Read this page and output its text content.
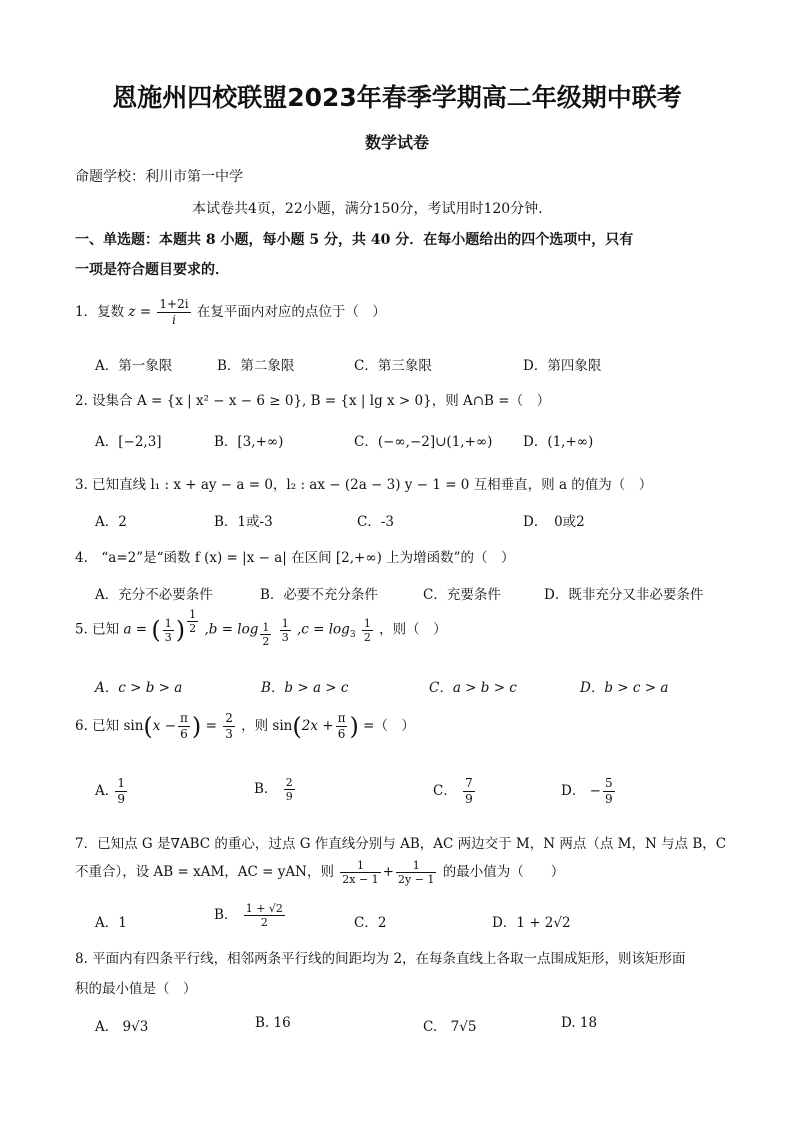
恩施州四校联盟2023年春季学期高二年级期中联考
数学试卷
命题学校：利川市第一中学
本试卷共4页，22小题，满分150分，考试用时120分钟.
一、单选题：本题共 8 小题，每小题 5 分，共 40 分．在每小题给出的四个选项中，只有
一项是符合题目要求的．
1．复数 $z = \frac{1+2i}{i}$ 在复平面内对应的点位于（　）
A．第一象限	B．第二象限	C．第三象限	D．第四象限
2. 设集合 A = {x | x² − x − 6 ≥ 0}, B = {x | lg x > 0}，则 A∩B =（　）
A．[−2,3]	B．[3,+∞)	C．(−∞,−2]∪(1,+∞) D．(1,+∞)
3. 已知直线 l₁ : x + ay − a = 0，l₂ : ax − (2a − 3) y − 1 = 0 互相垂直，则 a 的值为（　）
A．2	B．1或-3	C．-3	D．　0或2
4.　“a=2”是“函数 f (x) = |x − a| 在区间 [2,+∞) 上为增函数”的（　）
A．充分不必要条件	B．必要不充分条件	C．充要条件	D．既非充分又非必要条件
5. 已知 a = ( $\frac{1}{3}$ ) $\frac{1}{2} ,b = \log _{\frac{1}{2}}$
$\frac{1}{3} ,c = \log_3 \frac{1}{2}$ ，则（　）
A．c > b > a	B．b > a > c	C．a > b > c	D．b > c > a
6. 已知 $\sin(x - \frac{\pi}{6}$ ) = $\frac{2}{3}$ ，则 $\sin(2x + \frac{\pi}{6}$ ) =（　）
A. $\frac{1}{9}$	B． $\frac{2}{9}$	C． $\frac{7}{9}$	D． − $\frac{5}{9}$
7．已知点 G 是∇ABC 的重心，过点 G 作直线分别与 AB，AC 两边交于 M，N 两点（点 M，N 与点 B，C
不重合），设 AB = xAM，AC = yAN，则 $\frac{1}{2x - 1} + \frac{1}{2y - 1}$ 的最小值为（　　）
A．1	B． $\frac{1 + √2}{2}$	C．2	D．1 + 2√2
8. 平面内有四条平行线，相邻两条平行线的间距均为 2，在每条直线上各取一点围成矩形，则该矩形面
积的最小值是（　）
A.　9√3	B. 16	C.　7√5	D. 18
